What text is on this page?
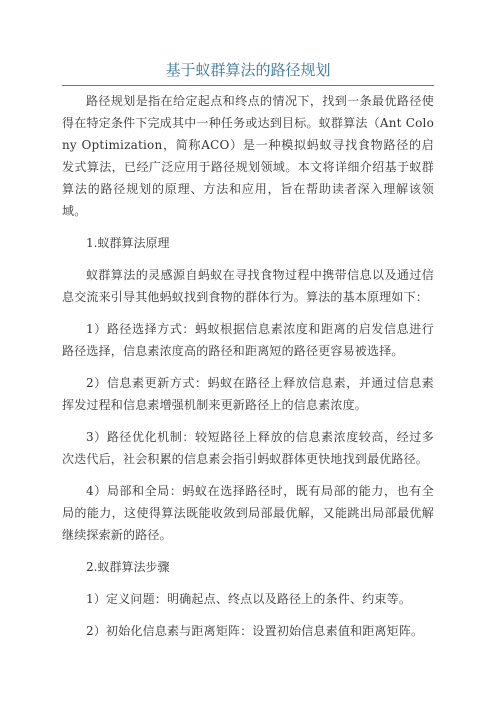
基于蚁群算法的路径规划

路径规划是指在给定起点和终点的情况下，找到一条最优路径使得在特定条件下完成其中一种任务或达到目标。蚁群算法（Ant Colony Optimization，简称ACO）是一种模拟蚂蚁寻找食物路径的启发式算法，已经广泛应用于路径规划领域。本文将详细介绍基于蚁群算法的路径规划的原理、方法和应用，旨在帮助读者深入理解该领域。

1.蚁群算法原理

蚁群算法的灵感源自蚂蚁在寻找食物过程中携带信息以及通过信息交流来引导其他蚂蚁找到食物的群体行为。算法的基本原理如下：

1）路径选择方式：蚂蚁根据信息素浓度和距离的启发信息进行路径选择，信息素浓度高的路径和距离短的路径更容易被选择。

2）信息素更新方式：蚂蚁在路径上释放信息素，并通过信息素挥发过程和信息素增强机制来更新路径上的信息素浓度。

3）路径优化机制：较短路径上释放的信息素浓度较高，经过多次迭代后，社会积累的信息素会指引蚂蚁群体更快地找到最优路径。

4）局部和全局：蚂蚁在选择路径时，既有局部的能力，也有全局的能力，这使得算法既能收敛到局部最优解，又能跳出局部最优解继续探索新的路径。

2.蚁群算法步骤

1）定义问题：明确起点、终点以及路径上的条件、约束等。

2）初始化信息素与距离矩阵：设置初始信息素值和距离矩阵。
